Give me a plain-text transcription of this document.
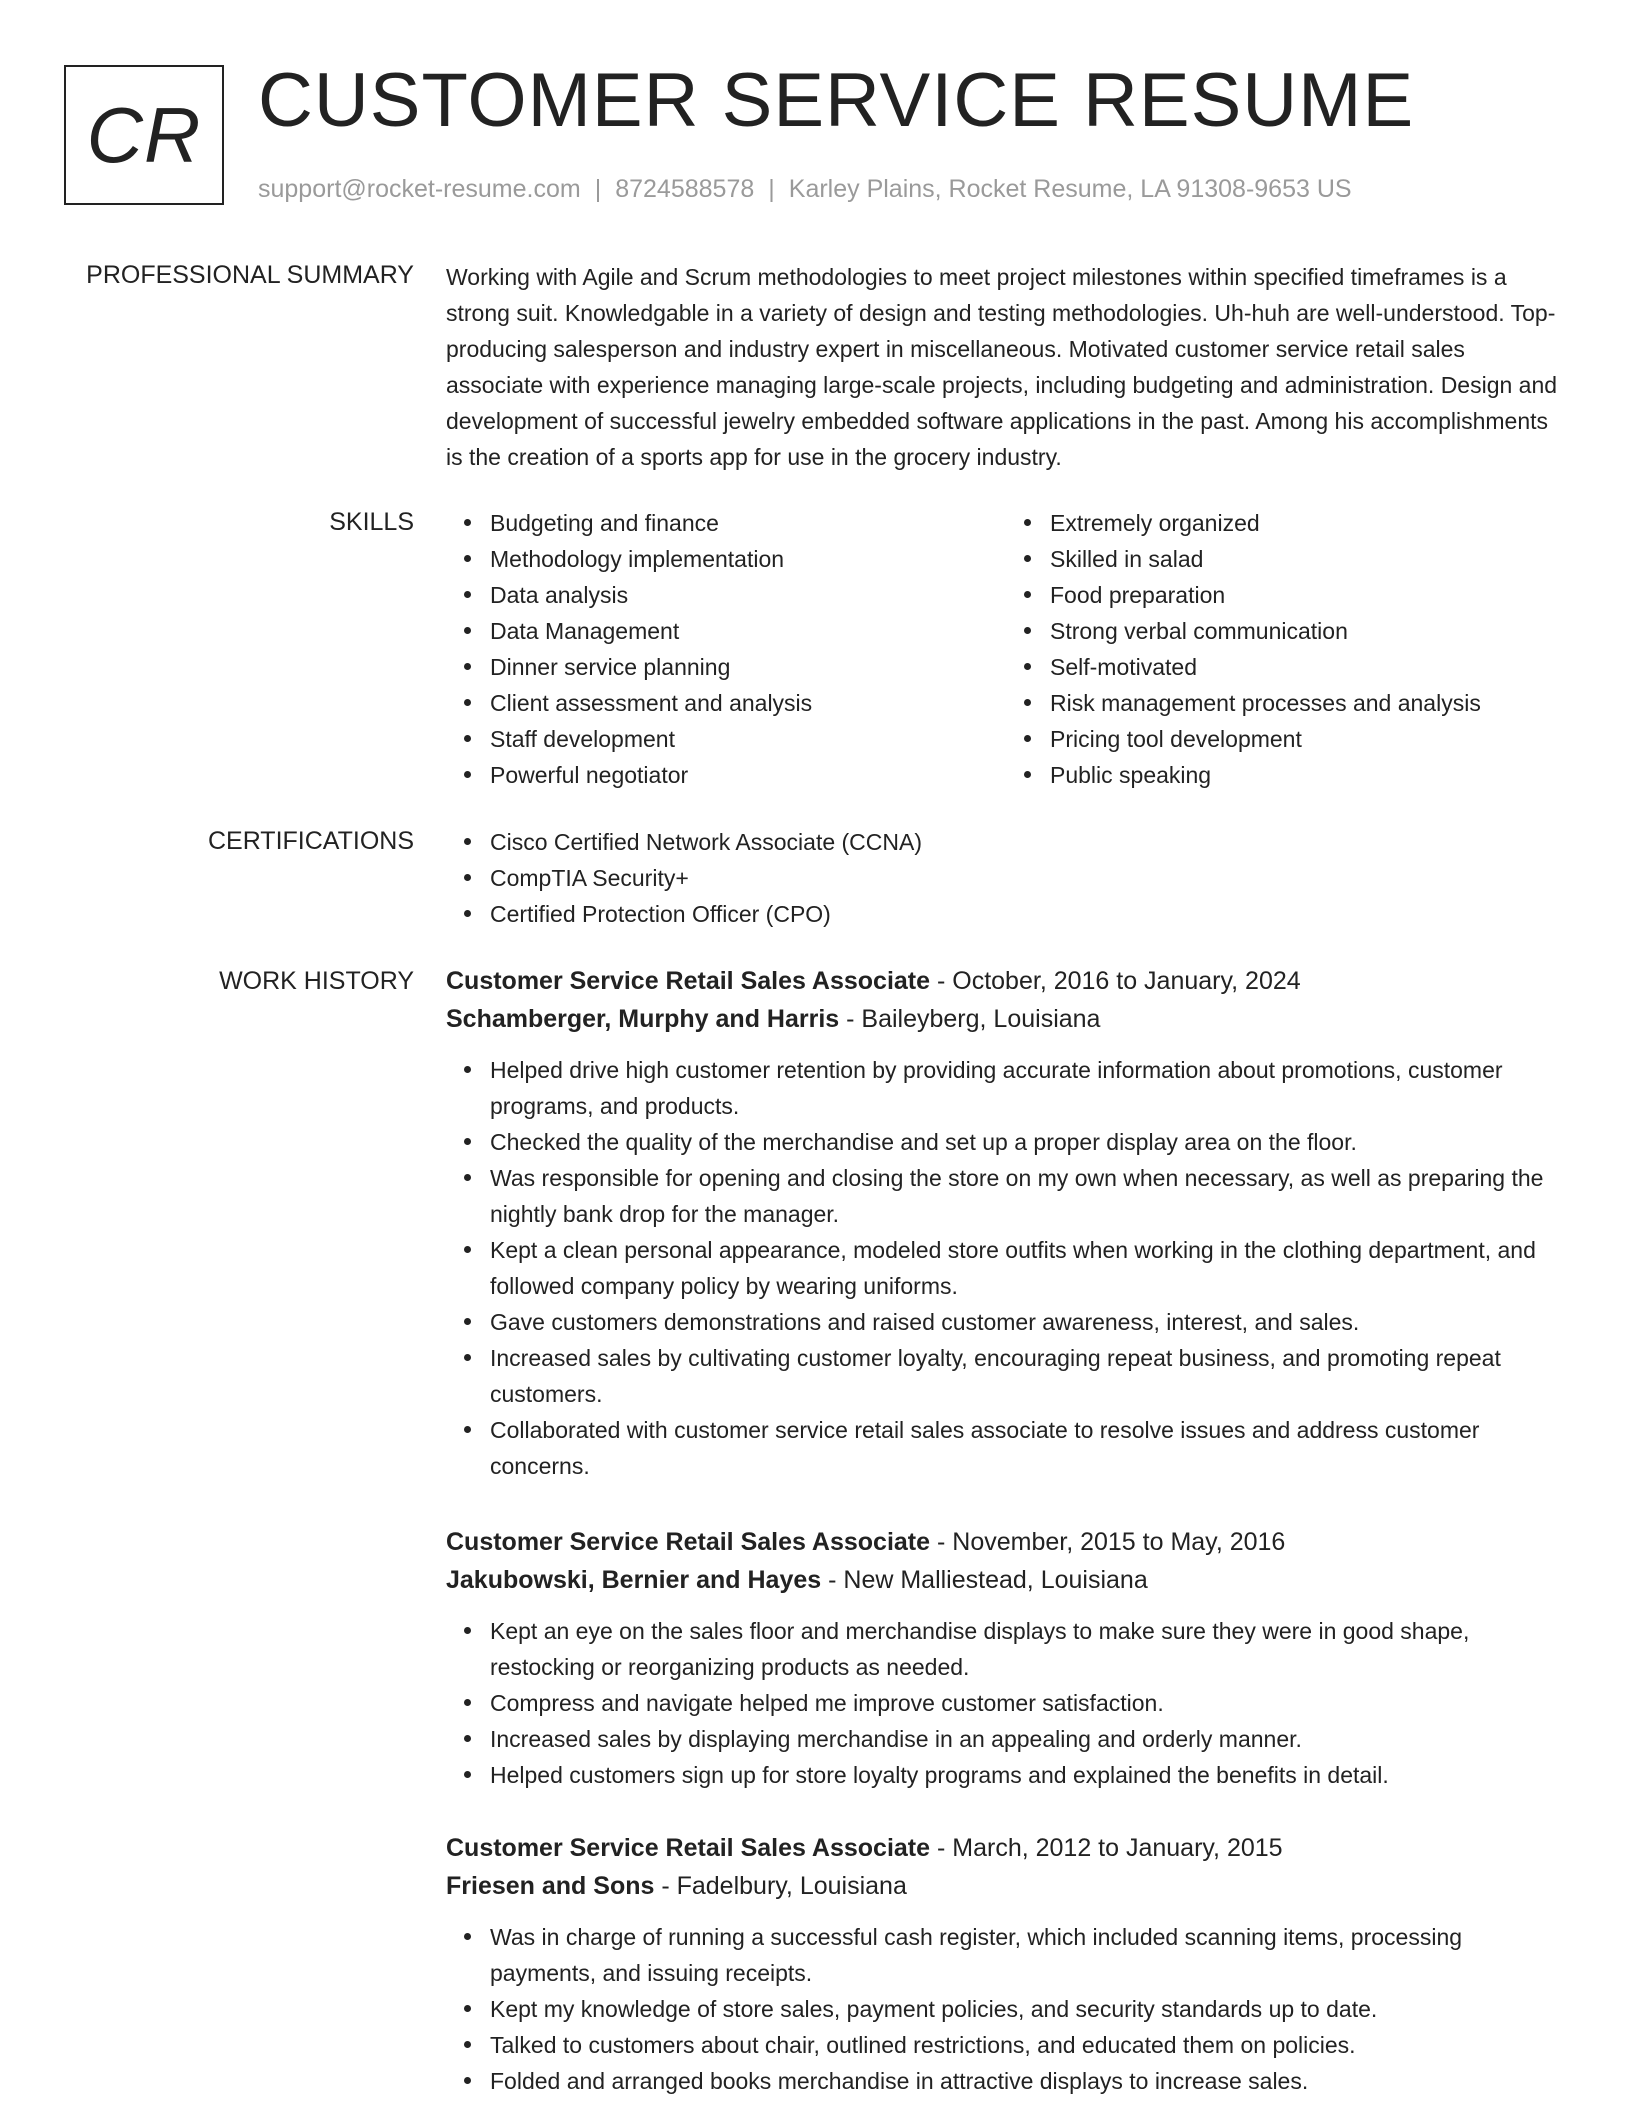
CR CUSTOMER SERVICE RESUME
support@rocket-resume.com | 8724588578 | Karley Plains, Rocket Resume, LA 91308-9653 US
PROFESSIONAL SUMMARY Working with Agile and Scrum methodologies to meet project milestones within specified timeframes is a strong suit. Knowledgable in a variety of design and testing methodologies. Uh-huh are well-understood. Top-producing salesperson and industry expert in miscellaneous. Motivated customer service retail sales associate with experience managing large-scale projects, including budgeting and administration. Design and development of successful jewelry embedded software applications in the past. Among his accomplishments is the creation of a sports app for use in the grocery industry.

SKILLS	Budgeting and finance
Methodology implementation
Data analysis
Data Management
Dinner service planning
Client assessment and analysis
Staff development
Powerful negotiator
Extremely organized
Skilled in salad
Food preparation
Strong verbal communication
Self-motivated
Risk management processes and analysis
Pricing tool development
Public speaking
CERTIFICATIONS	Cisco Certified Network Associate (CCNA)
CompTIA Security+
Certified Protection Officer (CPO)
WORK HISTORY Customer Service Retail Sales Associate - October, 2016 to January, 2024
Schamberger, Murphy and Harris - Baileyberg, Louisiana
Helped drive high customer retention by providing accurate information about promotions, customer programs, and products.
Checked the quality of the merchandise and set up a proper display area on the floor.
Was responsible for opening and closing the store on my own when necessary, as well as preparing the nightly bank drop for the manager.
Kept a clean personal appearance, modeled store outfits when working in the clothing department, and followed company policy by wearing uniforms.
Gave customers demonstrations and raised customer awareness, interest, and sales.
Increased sales by cultivating customer loyalty, encouraging repeat business, and promoting repeat customers.
Collaborated with customer service retail sales associate to resolve issues and address customer concerns.
Customer Service Retail Sales Associate - November, 2015 to May, 2016
Jakubowski, Bernier and Hayes - New Malliestead, Louisiana
Kept an eye on the sales floor and merchandise displays to make sure they were in good shape, restocking or reorganizing products as needed.
Compress and navigate helped me improve customer satisfaction.
Increased sales by displaying merchandise in an appealing and orderly manner.
Helped customers sign up for store loyalty programs and explained the benefits in detail.
Customer Service Retail Sales Associate - March, 2012 to January, 2015
Friesen and Sons - Fadelbury, Louisiana
Was in charge of running a successful cash register, which included scanning items, processing payments, and issuing receipts.
Kept my knowledge of store sales, payment policies, and security standards up to date.
Talked to customers about chair, outlined restrictions, and educated them on policies.
Folded and arranged books merchandise in attractive displays to increase sales.
